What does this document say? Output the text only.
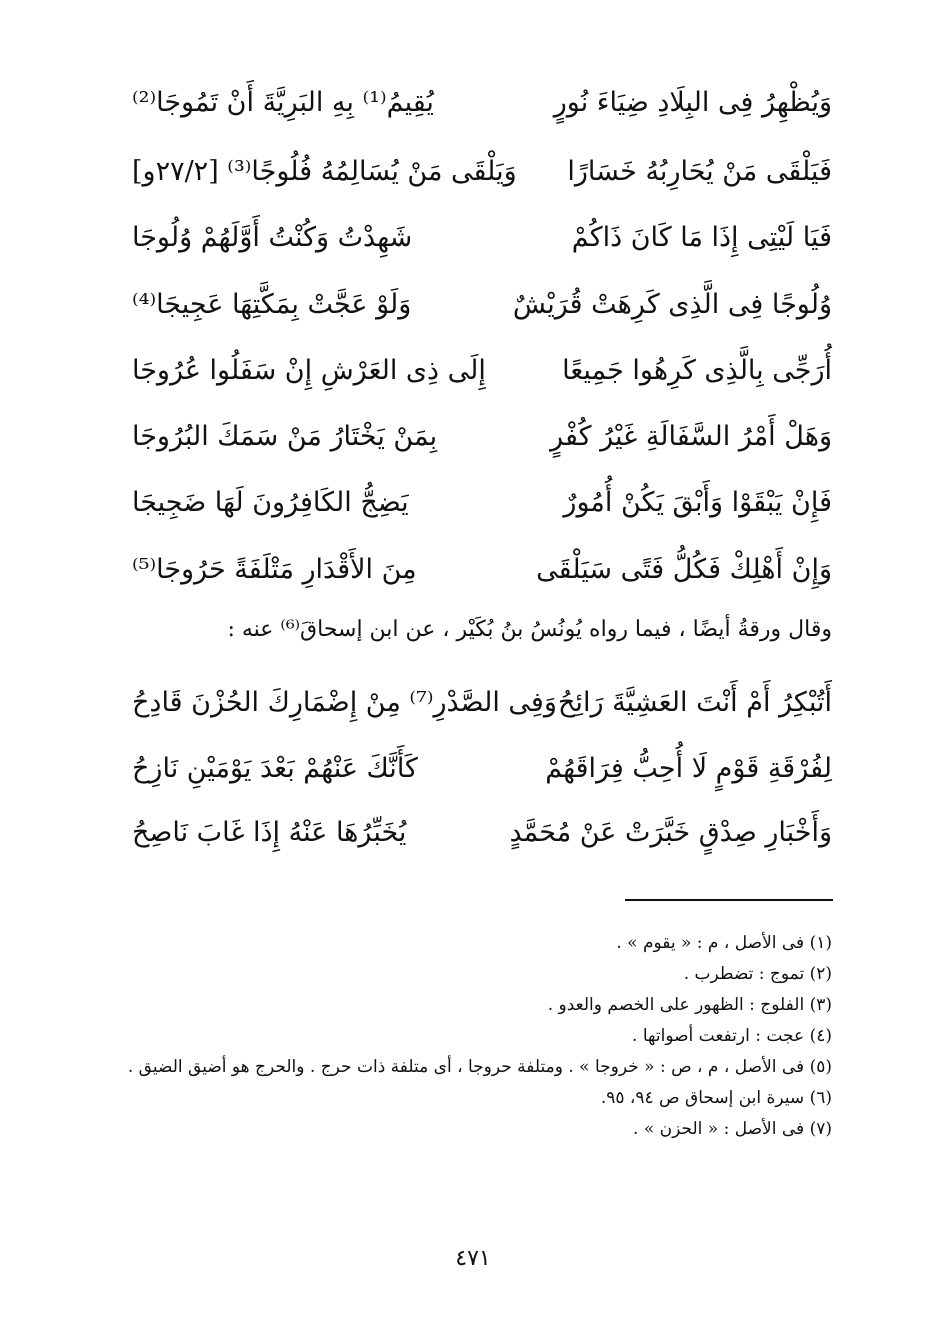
وَيُظْهِرُ فِى البِلَادِ ضِيَاءَ نُورٍ
يُقِيمُ⁽¹⁾ بِهِ البَرِيَّةَ أَنْ تَمُوجَا⁽²⁾
فَيَلْقَى مَنْ يُحَارِبُهُ خَسَارًا
وَيَلْقَى مَنْ يُسَالِمُهُ فُلُوجًا⁽³⁾ [٢٧/٢و]
فَيَا لَيْتِى إِذَا مَا كَانَ ذَاكُمْ
شَهِدْتُ وَكُنْتُ أَوَّلَهُمْ وُلُوجَا
وُلُوجًا فِى الَّذِى كَرِهَتْ قُرَيْشٌ
وَلَوْ عَجَّتْ بِمَكَّتِهَا عَجِيجَا⁽⁴⁾
أُرَجِّى بِالَّذِى كَرِهُوا جَمِيعًا
إِلَى ذِى العَرْشِ إِنْ سَفَلُوا عُرُوجَا
وَهَلْ أَمْرُ السَّفَالَةِ غَيْرُ كُفْرٍ
بِمَنْ يَخْتَارُ مَنْ سَمَكَ البُرُوجَا
فَإِنْ يَبْقَوْا وَأَبْقَ يَكُنْ أُمُورٌ
يَضِجُّ الكَافِرُونَ لَهَا ضَجِيجَا
وَإِنْ أَهْلِكْ فَكُلُّ فَتًى سَيَلْقَى
مِنَ الأَقْدَارِ مَتْلَفَةً حَرُوجَا⁽⁵⁾
وقال ورقةُ أيضًا ، فيما رواه يُونُسُ بنُ بُكَيْر ، عن ابن إسحاقَ⁽⁶⁾ عنه :
أَتُبْكِرُ أَمْ أَنْتَ العَشِيَّةَ رَائِحُ
وَفِى الصَّدْرِ⁽⁷⁾ مِنْ إِضْمَارِكَ الحُزْنَ قَادِحُ
لِفُرْقَةِ قَوْمٍ لَا أُحِبُّ فِرَاقَهُمْ
كَأَنَّكَ عَنْهُمْ بَعْدَ يَوْمَيْنِ نَازِحُ
وَأَخْبَارِ صِدْقٍ خَبَّرَتْ عَنْ مُحَمَّدٍ
يُخَبِّرُهَا عَنْهُ إِذَا غَابَ نَاصِحُ
(١) فى الأصل ، م : « يقوم » .
(٢) تموج : تضطرب .
(٣) الفلوج : الظهور على الخصم والعدو .
(٤) عجت : ارتفعت أصواتها .
(٥) فى الأصل ، م ، ص : « خروجا » . ومتلفة حروجا ، أى متلفة ذات حرج . والحرج هو أضيق الضيق .
(٦) سيرة ابن إسحاق ص ٩٤، ٩٥.
(٧) فى الأصل : « الحزن » .
٤٧١
